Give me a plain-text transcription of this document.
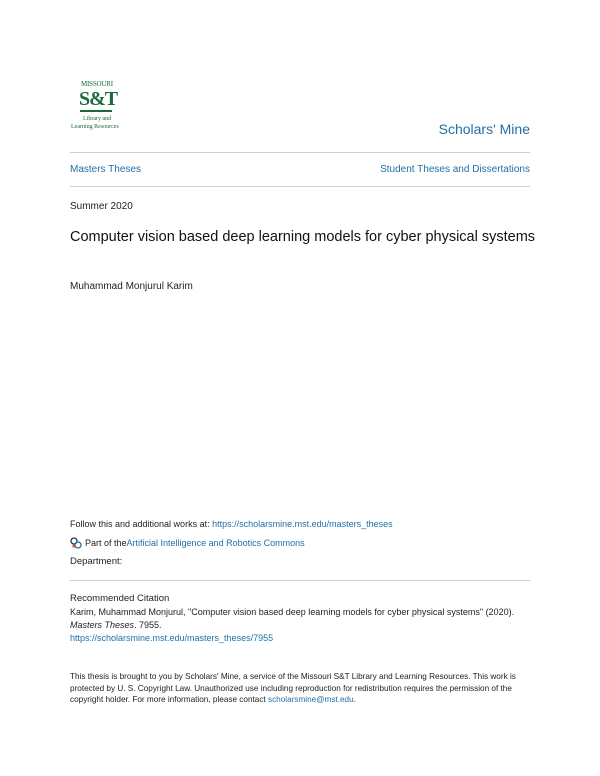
MISSOURI
S&T
Library and
Learning Resources	Scholars' Mine
Masters Theses	Student Theses and Dissertations
Summer 2020
Computer vision based deep learning models for cyber physical systems
Muhammad Monjurul Karim
Follow this and additional works at: https://scholarsmine.mst.edu/masters_theses
Part of the Artificial Intelligence and Robotics Commons
Department:
Recommended Citation
Karim, Muhammad Monjurul, "Computer vision based deep learning models for cyber physical systems" (2020). Masters Theses. 7955.
https://scholarsmine.mst.edu/masters_theses/7955
This thesis is brought to you by Scholars' Mine, a service of the Missouri S&T Library and Learning Resources. This work is protected by U. S. Copyright Law. Unauthorized use including reproduction for redistribution requires the permission of the copyright holder. For more information, please contact scholarsmine@mst.edu.
